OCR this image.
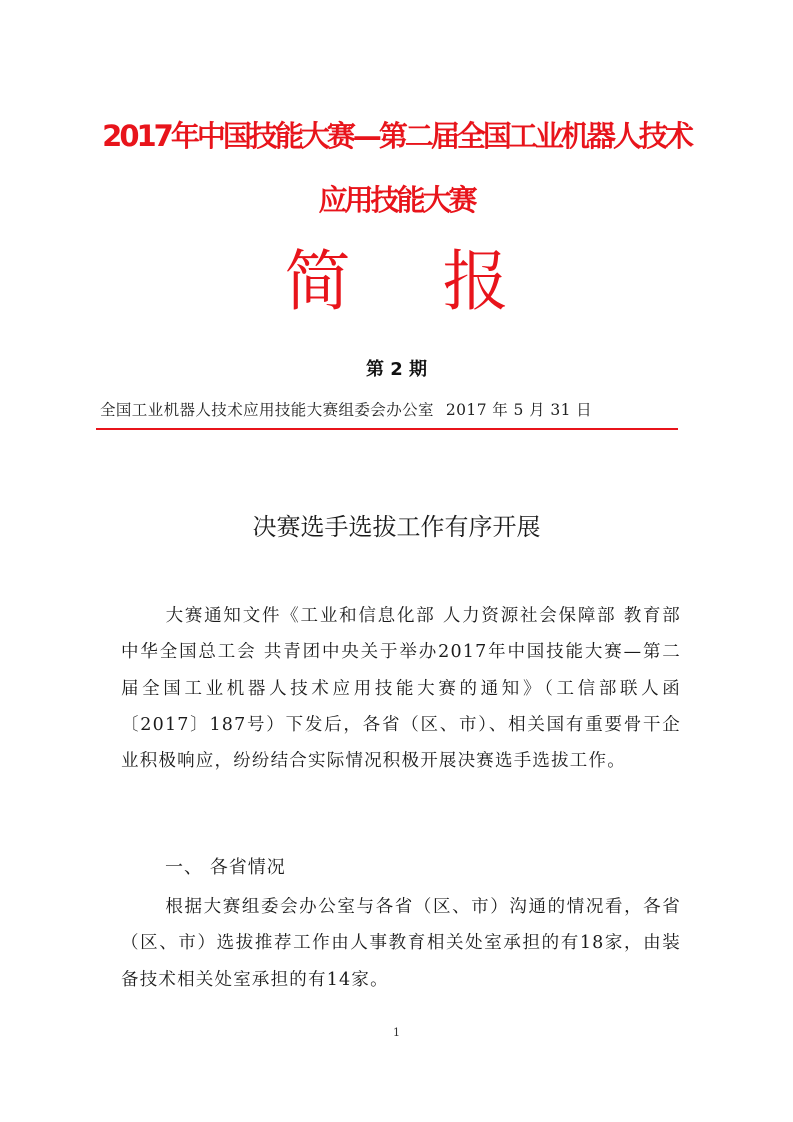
2017年中国技能大赛—第二届全国工业机器人技术应用技能大赛
简 报
第 2 期
全国工业机器人技术应用技能大赛组委会办公室 2017 年 5 月 31 日
决赛选手选拔工作有序开展
大赛通知文件《工业和信息化部 人力资源社会保障部 教育部 中华全国总工会 共青团中央关于举办2017年中国技能大赛—第二届全国工业机器人技术应用技能大赛的通知》（工信部联人函〔2017〕187号）下发后，各省（区、市）、相关国有重要骨干企业积极响应，纷纷结合实际情况积极开展决赛选手选拔工作。
一、 各省情况
根据大赛组委会办公室与各省（区、市）沟通的情况看，各省（区、市）选拔推荐工作由人事教育相关处室承担的有18家，由装备技术相关处室承担的有14家。
1
